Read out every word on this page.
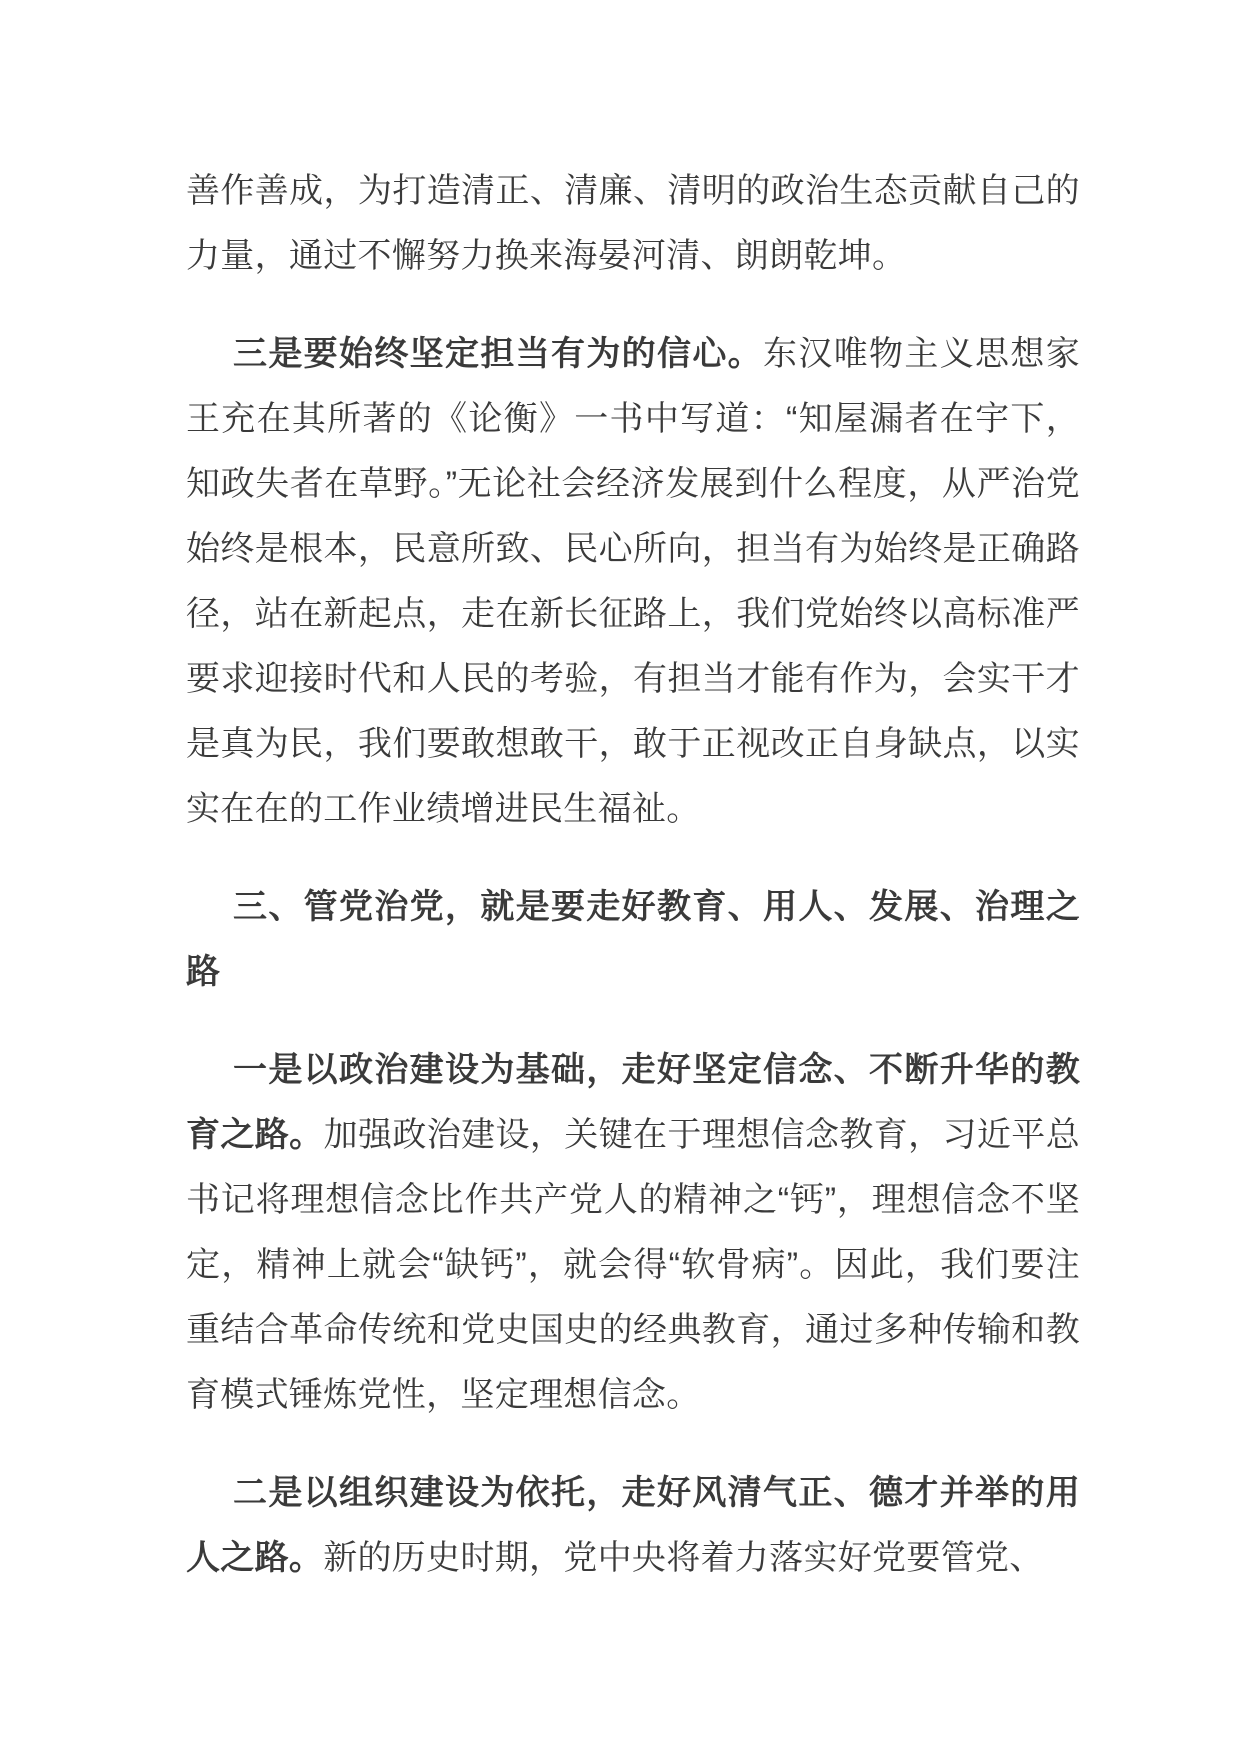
善作善成，为打造清正、清廉、清明的政治生态贡献自己的力量，通过不懈努力换来海晏河清、朗朗乾坤。

三是要始终坚定担当有为的信心。东汉唯物主义思想家王充在其所著的《论衡》一书中写道：“知屋漏者在宇下，知政失者在草野。”无论社会经济发展到什么程度，从严治党始终是根本，民意所致、民心所向，担当有为始终是正确路径，站在新起点，走在新长征路上，我们党始终以高标准严要求迎接时代和人民的考验，有担当才能有作为，会实干才是真为民，我们要敢想敢干，敢于正视改正自身缺点，以实实在在的工作业绩增进民生福祉。

三、管党治党，就是要走好教育、用人、发展、治理之路

一是以政治建设为基础，走好坚定信念、不断升华的教育之路。加强政治建设，关键在于理想信念教育，习近平总书记将理想信念比作共产党人的精神之“钙”，理想信念不坚定，精神上就会“缺钙”，就会得“软骨病”。因此，我们要注重结合革命传统和党史国史的经典教育，通过多种传输和教育模式锤炼党性，坚定理想信念。

二是以组织建设为依托，走好风清气正、德才并举的用人之路。新的历史时期，党中央将着力落实好党要管党、
